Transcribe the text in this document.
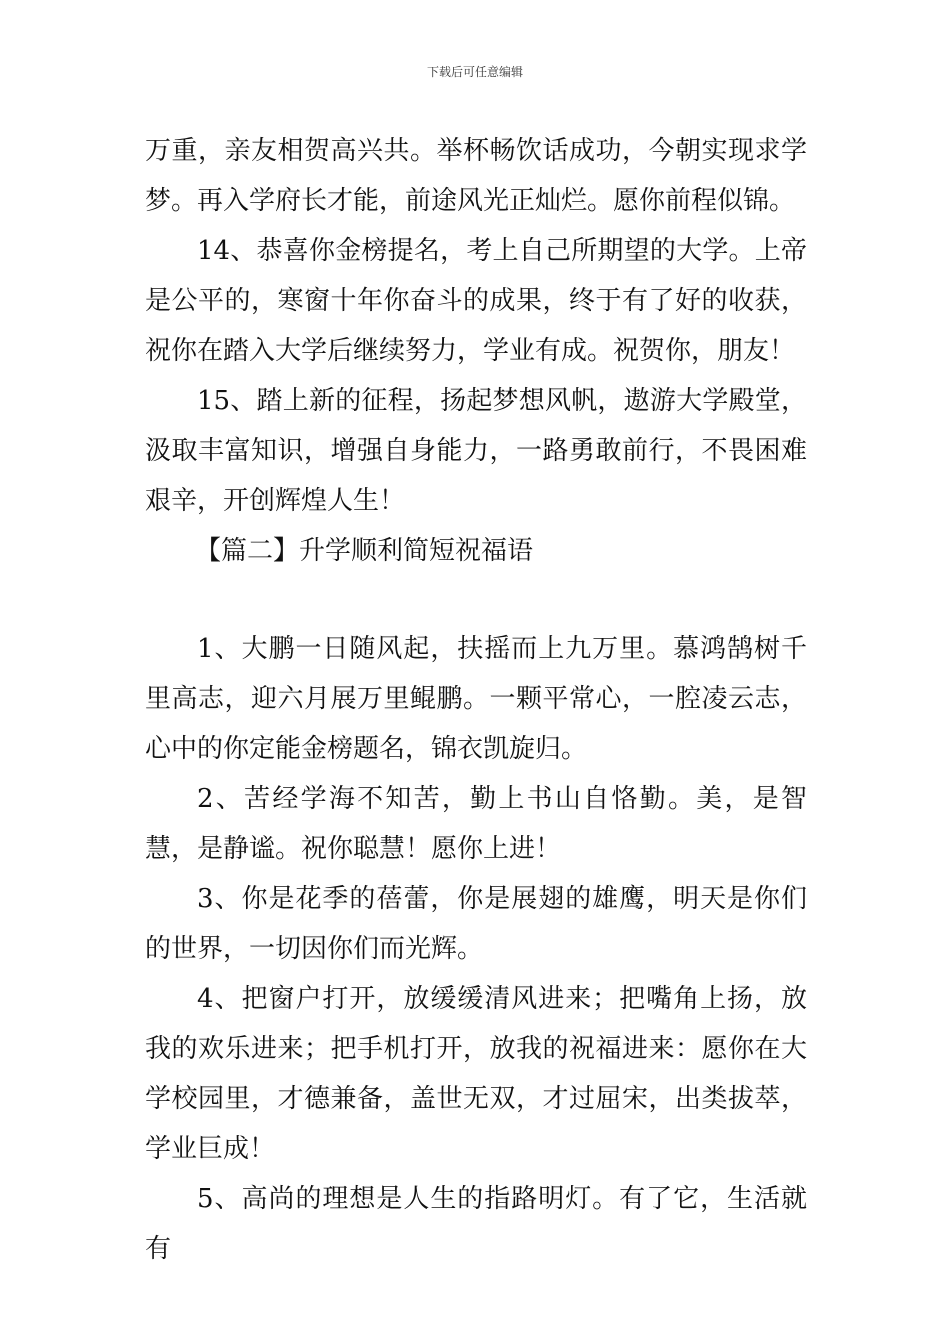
下载后可任意编辑

万重，亲友相贺高兴共。举杯畅饮话成功，今朝实现求学梦。再入学府长才能，前途风光正灿烂。愿你前程似锦。

14、恭喜你金榜提名，考上自己所期望的大学。上帝是公平的，寒窗十年你奋斗的成果，终于有了好的收获，祝你在踏入大学后继续努力，学业有成。祝贺你，朋友！

15、踏上新的征程，扬起梦想风帆，遨游大学殿堂，汲取丰富知识，增强自身能力，一路勇敢前行，不畏困难艰辛，开创辉煌人生！

【篇二】升学顺利简短祝福语

1、大鹏一日随风起，扶摇而上九万里。慕鸿鹄树千里高志，迎六月展万里鲲鹏。一颗平常心，一腔凌云志，心中的你定能金榜题名，锦衣凯旋归。

2、苦经学海不知苦，勤上书山自恪勤。美，是智慧，是静谧。祝你聪慧！愿你上进！

3、你是花季的蓓蕾，你是展翅的雄鹰，明天是你们的世界，一切因你们而光辉。

4、把窗户打开，放缓缓清风进来；把嘴角上扬，放我的欢乐进来；把手机打开，放我的祝福进来：愿你在大学校园里，才德兼备，盖世无双，才过屈宋，出类拔萃，学业巨成！

5、高尚的理想是人生的指路明灯。有了它，生活就有
